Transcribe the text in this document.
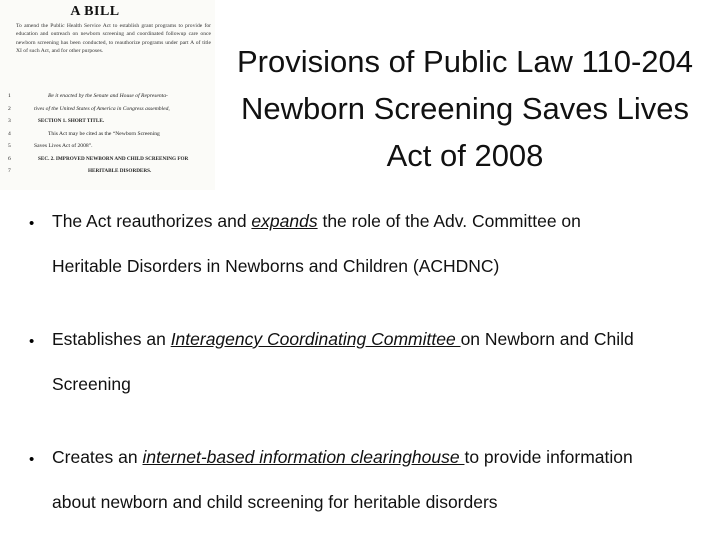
A BILL
To amend the Public Health Service Act to establish grant programs to provide for education and outreach on newborn screening and coordinated followup care once newborn screening has been conducted, to reauthorize programs under part A of title XI of such Act, and for other purposes.
1	Be it enacted by the Senate and House of Representa-
2	tives of the United States of America in Congress assembled,
3	SECTION 1. SHORT TITLE.
4	This Act may be cited as the “Newborn Screening
5	Saves Lives Act of 2008”.
6	SEC. 2. IMPROVED NEWBORN AND CHILD SCREENING FOR
7	HERITABLE DISORDERS.
Provisions of Public Law 110-204
Newborn Screening Saves Lives
Act of 2008
• The Act reauthorizes and expands the role of the Adv. Committee on
Heritable Disorders in Newborns and Children (ACHDNC)
• Establishes an Interagency Coordinating Committee on Newborn and Child
Screening
• Creates an internet-based information clearinghouse to provide information
about newborn and child screening for heritable disorders
